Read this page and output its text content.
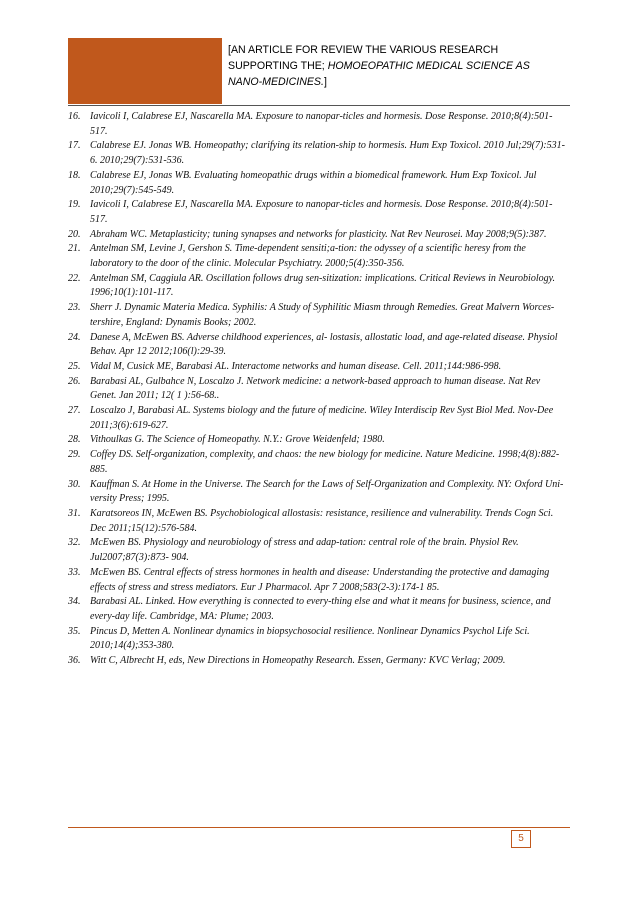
[AN ARTICLE FOR REVIEW THE VARIOUS RESEARCH
SUPPORTING THE; HOMOEOPATHIC MEDICAL SCIENCE AS
NANO-MEDICINES.]
16. Iavicoli I, Calabrese EJ, Nascarella MA. Exposure to nanopar-ticles and hormesis. Dose Response. 2010;8(4):501-517.
17. Calabrese EJ. Jonas WB. Homeopathy; clarifying its relation-ship to hormesis. Hum Exp Toxicol. 2010 Jul;29(7):531-6. 2010;29(7):531-536.
18. Calabrese EJ, Jonas WB. Evaluating homeopathic drugs within a biomedical framework. Hum Exp Toxicol. Jul 2010;29(7):545-549.
19. Iavicoli I, Calabrese EJ, Nascarella MA. Exposure to nanopar-ticles and hormesis. Dose Response. 2010;8(4):501-517.
20. Abraham WC. Metaplasticity; tuning synapses and networks for plasticity. Nat Rev Neurosei. May 2008;9(5):387.
21. Antelman SM, Levine J, Gershon S. Time-dependent sensiti;a-tion: the odyssey of a scientific heresy from the laboratory to the door of the clinic. Molecular Psychiatry. 2000;5(4):350-356.
22. Antelman SM, Caggiula AR. Oscillation follows drug sen-sitization: implications. Critical Reviews in Neurobiology. 1996;10(1):101-117.
23. Sherr J. Dynamic Materia Medica. Syphilis: A Study of Syphilitic Miasm through Remedies. Great Malvern Worces-tershire, England: Dynamis Books; 2002.
24. Danese A, McEwen BS. Adverse childhood experiences, al- lostasis, allostatic load, and age-related disease. Physiol Behav. Apr 12 2012;106(l):29-39.
25. Vidal M, Cusick ME, Barabasi AL. Interactome networks and human disease. Cell. 2011;144:986-998.
26. Barabasi AL, Gulbahce N, Loscalzo J. Network medicine: a network-based approach to human disease. Nat Rev Genet. Jan 2011; 12( 1 ):56-68..
27. Loscalzo J, Barabasi AL. Systems biology and the future of medicine. Wiley Interdiscip Rev Syst Biol Med. Nov-Dee 2011;3(6):619-627.
28. Vithoulkas G. The Science of Homeopathy. N.Y.: Grove Weidenfeld; 1980.
29. Coffey DS. Self-organization, complexity, and chaos: the new biology for medicine. Nature Medicine. 1998;4(8):882-885.
30. Kauffman S. At Home in the Universe. The Search for the Laws of Self-Organization and Complexity. NY: Oxford Uni-versity Press; 1995.
31. Karatsoreos IN, McEwen BS. Psychobiological allostasis: resistance, resilience and vulnerability. Trends Cogn Sci. Dec 2011;15(12):576-584.
32. McEwen BS. Physiology and neurobiology of stress and adap-tation: central role of the brain. Physiol Rev. Jul2007;87(3):873- 904.
33. McEwen BS. Central effects of stress hormones in health and disease: Understanding the protective and damaging effects of stress and stress mediators. Eur J Pharmacol. Apr 7 2008;583(2-3):174-1 85.
34. Barabasi AL. Linked. How everything is connected to every-thing else and what it means for business, science, and every-day life. Cambridge, MA: Plume; 2003.
35. Pincus D, Metten A. Nonlinear dynamics in biopsychosocial resilience. Nonlinear Dynamics Psychol Life Sci. 2010;14(4);353-380.
36. Witt C, Albrecht H, eds, New Directions in Homeopathy Research. Essen, Germany: KVC Verlag; 2009.
5
